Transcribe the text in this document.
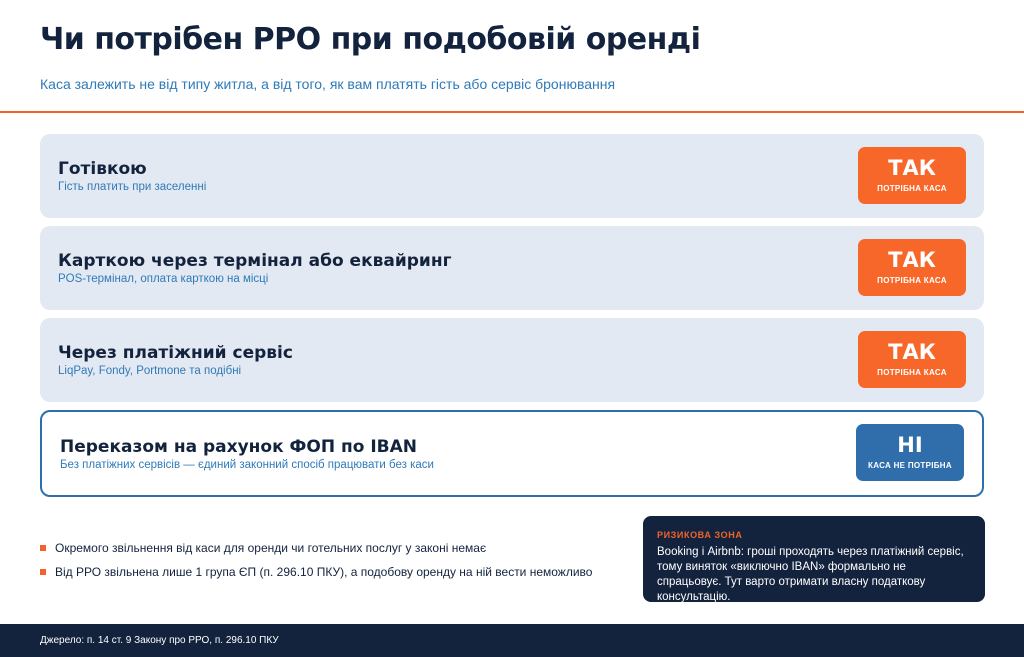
Чи потрібен РРО при подобовій оренді
Каса залежить не від типу житла, а від того, як вам платять гість або сервіс бронювання
Готівкою
Гість платить при заселенні
ТАК
ПОТРІБНА КАСА
Карткою через термінал або еквайринг
POS-термінал, оплата карткою на місці
ТАК
ПОТРІБНА КАСА
Через платіжний сервіс
LiqPay, Fondy, Portmone та подібні
ТАК
ПОТРІБНА КАСА
Переказом на рахунок ФОП по IBAN
Без платіжних сервісів — єдиний законний спосіб працювати без каси
НІ
КАСА НЕ ПОТРІБНА
Окремого звільнення від каси для оренди чи готельних послуг у законі немає
Від РРО звільнена лише 1 група ЄП (п. 296.10 ПКУ), а подобову оренду на ній вести неможливо
РИЗИКОВА ЗОНА
Booking і Airbnb: гроші проходять через платіжний сервіс, тому виняток «виключно IBAN» формально не спрацьовує. Тут варто отримати власну податкову консультацію.
Джерело: п. 14 ст. 9 Закону про РРО, п. 296.10 ПКУ
